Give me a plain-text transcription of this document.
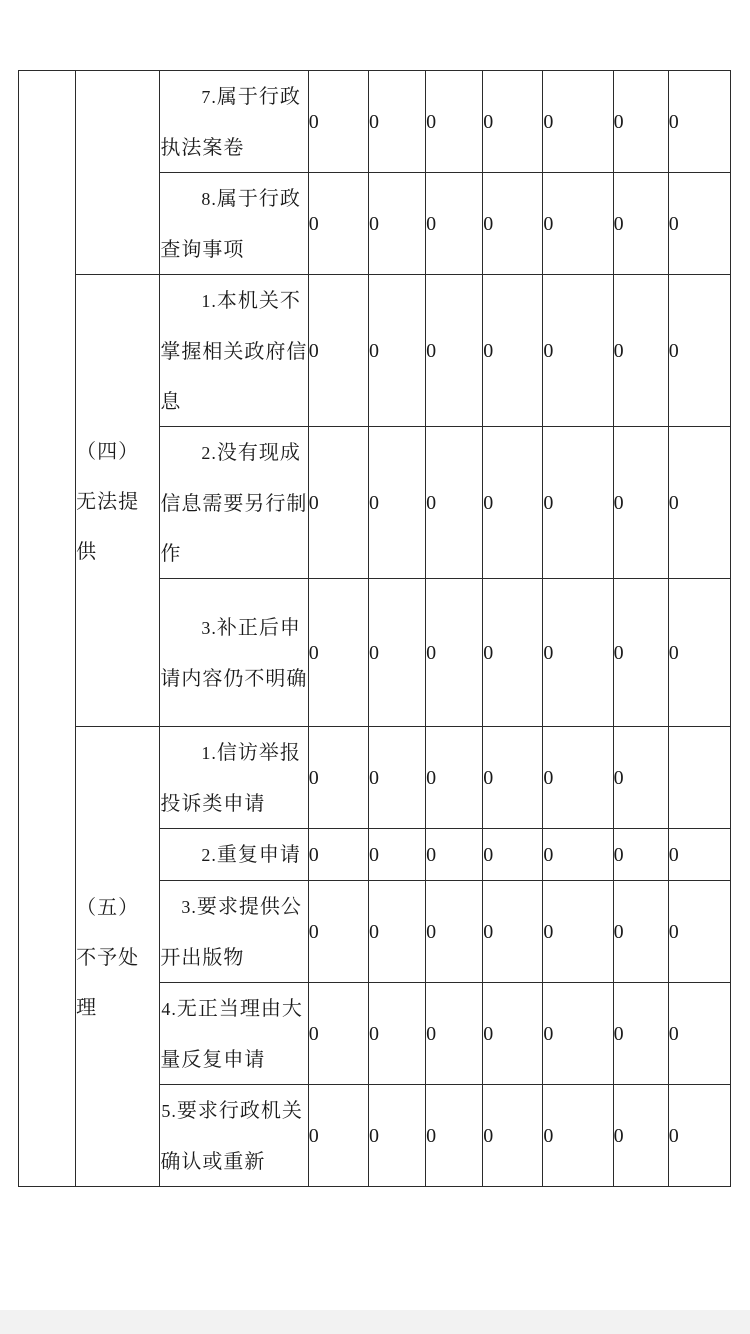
		7.属于行政执法案卷	0	0	0	0	0	0	0
		8.属于行政查询事项	0	0	0	0	0	0	0
	（四）无法提供	1.本机关不掌握相关政府信息	0	0	0	0	0	0	0
		2.没有现成信息需要另行制作	0	0	0	0	0	0	0
		3.补正后申请内容仍不明确	0	0	0	0	0	0	0
	（五）不予处理	1.信访举报投诉类申请	0	0	0	0	0	0	
		2.重复申请	0	0	0	0	0	0	0
		3.要求提供公开出版物	0	0	0	0	0	0	0
		4.无正当理由大量反复申请	0	0	0	0	0	0	0
		5.要求行政机关确认或重新	0	0	0	0	0	0	0
